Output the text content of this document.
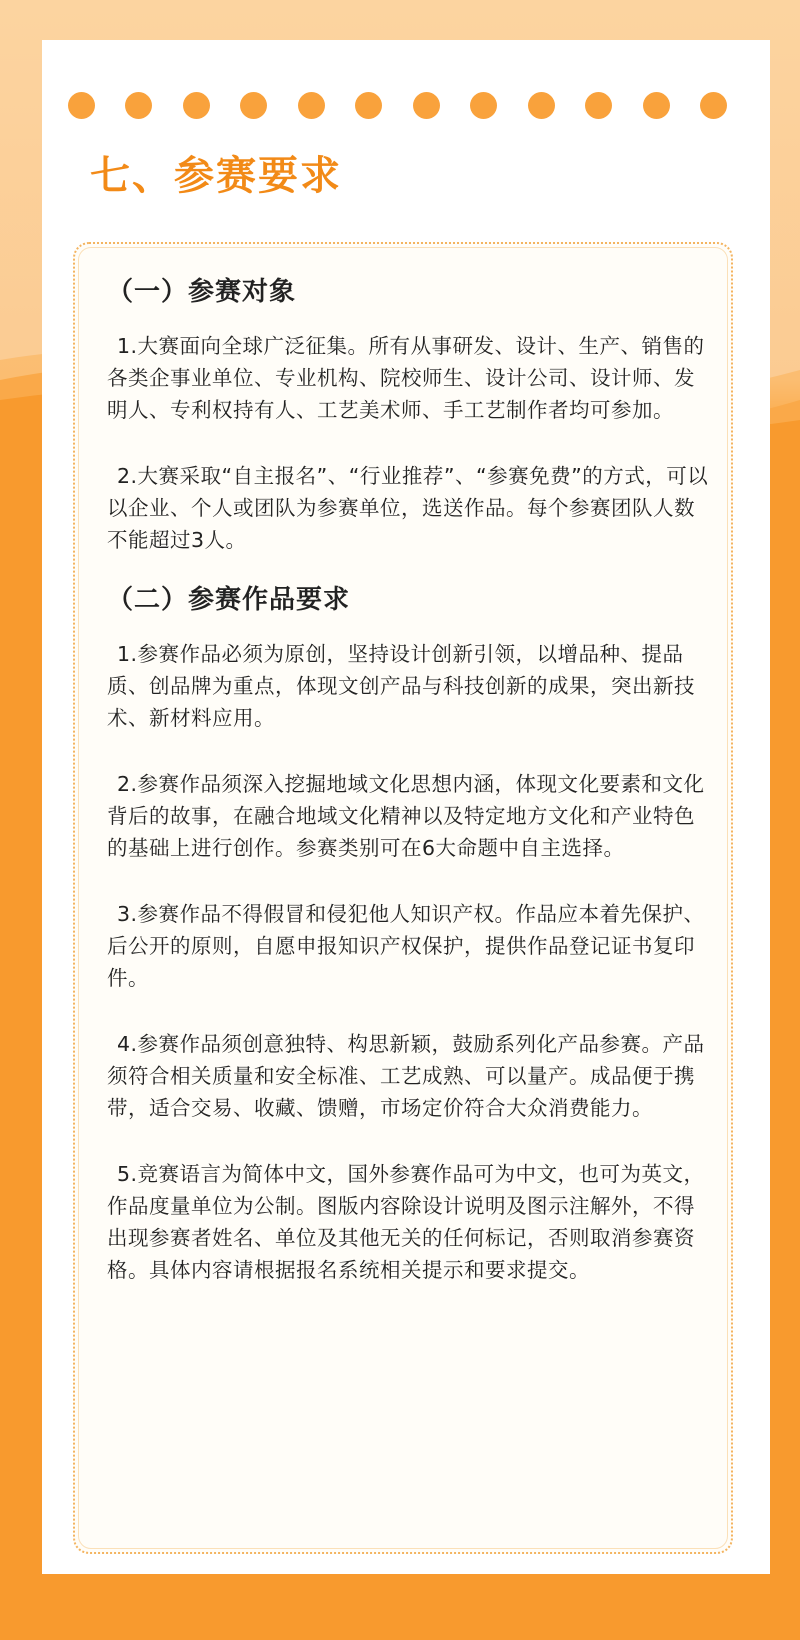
七、参赛要求
（一）参赛对象

1.大赛面向全球广泛征集。所有从事研发、设计、生产、销售的各类企事业单位、专业机构、院校师生、设计公司、设计师、发明人、专利权持有人、工艺美术师、手工艺制作者均可参加。

2.大赛采取“自主报名”、“行业推荐”、“参赛免费”的方式，可以以企业、个人或团队为参赛单位，选送作品。每个参赛团队人数不能超过3人。

（二）参赛作品要求

1.参赛作品必须为原创，坚持设计创新引领，以增品种、提品质、创品牌为重点，体现文创产品与科技创新的成果，突出新技术、新材料应用。

2.参赛作品须深入挖掘地域文化思想内涵，体现文化要素和文化背后的故事，在融合地域文化精神以及特定地方文化和产业特色的基础上进行创作。参赛类别可在6大命题中自主选择。

3.参赛作品不得假冒和侵犯他人知识产权。作品应本着先保护、后公开的原则，自愿申报知识产权保护，提供作品登记证书复印件。

4.参赛作品须创意独特、构思新颖，鼓励系列化产品参赛。产品须符合相关质量和安全标准、工艺成熟、可以量产。成品便于携带，适合交易、收藏、馈赠，市场定价符合大众消费能力。

5.竞赛语言为简体中文，国外参赛作品可为中文，也可为英文，作品度量单位为公制。图版内容除设计说明及图示注解外，不得出现参赛者姓名、单位及其他无关的任何标记，否则取消参赛资格。具体内容请根据报名系统相关提示和要求提交。
